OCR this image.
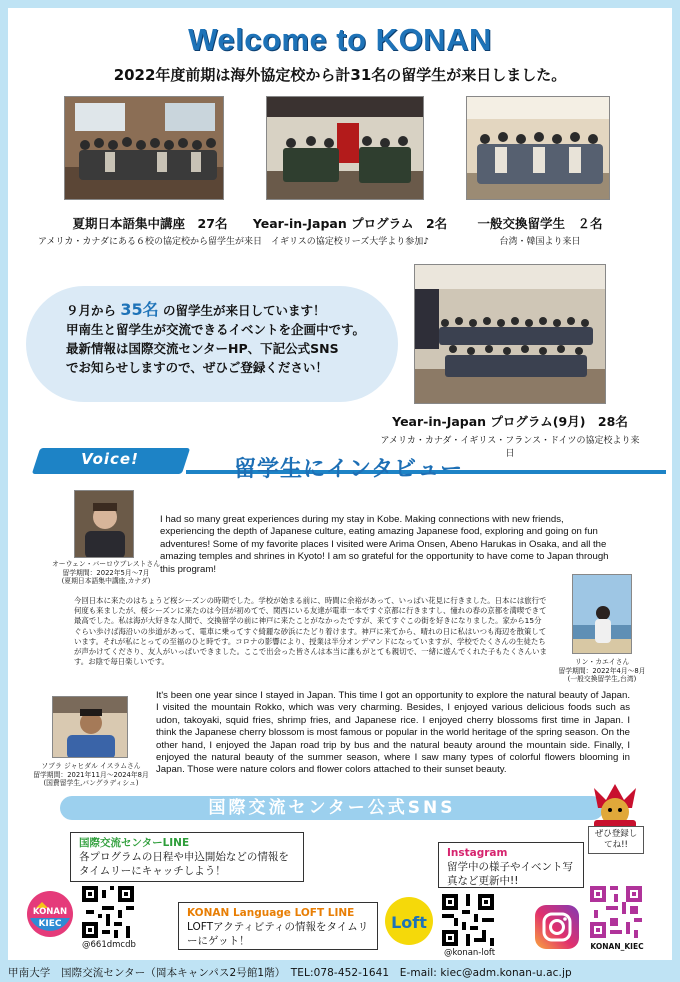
Welcome to KONAN
2022年度前期は海外協定校から計31名の留学生が来日しました。
夏期日本語集中講座　27名
アメリカ・カナダにある６校の協定校から留学生が来日
Year-in-Japan プログラム　2名
イギリスの協定校リーズ大学より参加♪
一般交換留学生　２名
台湾・韓国より来日
９月から 35名 の留学生が来日しています！
甲南生と留学生が交流できるイベントを企画中です。
最新情報は国際交流センターHP、下記公式SNS
でお知らせしますので、ぜひご登録ください！
Year-in-Japan プログラム(9月)　28名
アメリカ・カナダ・イギリス・フランス・ドイツの協定校より来日
Voice!	留学生にインタビュー
オーウェン・バーロウブレストさん
留学期間：2022年5月～7月
(夏期日本語集中講座,カナダ)
I had so many great experiences during my stay in Kobe. Making connections with new friends, experiencing the depth of Japanese culture, eating amazing Japanese food, exploring and going on fun adventures! Some of my favorite places I visited were Arima Onsen, Abeno Harukas in Osaka, and all the amazing temples and shrines in Kyoto! I am so grateful for the opportunity to have come to Japan through this program!
今回日本に来たのはちょうど桜シーズンの時期でした。学校が始まる前に、時間に余裕があって、いっぱい花見に行きました。日本には旅行で何度も来ましたが、桜シーズンに来たのは今回が初めてで、関西にいる友達が電車一本ですぐ京都に行きますし、憧れの春の京都を満喫できて最高でした。私は海が大好きな人間で、交換留学の前に神戸に来たことがなかったですが、来てすぐこの街を好きになりました。家から15分ぐらい歩けば海沿いの歩道があって、電車に乗ってすぐ綺麗な砂浜にたどり着けます。神戸に来てから、晴れの日に私はいつも海辺を散策しています。それが私にとっての至福のひと時です。コロナの影響により、授業は半分オンデマンドになっていますが、学校でたくさんの生徒たちが声かけてくださり、友人がいっぱいできました。ここで出会った皆さんは本当に誰もがとても親切で、一緒に遊んでくれた子もたくさんいます。お陰で毎日楽しいです。	リン・カエイさん
留学期間：2022年4月～8月
(一般交換留学生,台湾)
ソブラ ジャヒダル イスラムさん
留学期間：2021年11月～2024年8月
(国費留学生,バングラディシュ)
It's been one year since I stayed in Japan. This time I got an opportunity to explore the natural beauty of Japan. I visited the mountain Rokko, which was very charming. Besides, I enjoyed various delicious foods such as udon, takoyaki, squid fries, shrimp fries, and Japanese rice. I enjoyed cherry blossoms first time in Japan. I think the Japanese cherry blossom is most famous or popular in the world heritage of the spring season. On the other hand, I enjoyed the Japan road trip by bus and the natural beauty around the mountain side. Finally, I enjoyed the natural beauty of the summer season, where I saw many types of colorful flowers blooming in Japan. Those were nature colors and flower colors attached to their sunset beauty.
国際交流センター公式SNS
ぜひ登録してね!!
国際交流センターLINE
各プログラムの日程や申込開始などの情報をタイムリーにキャッチしよう！
Instagram
留学中の様子やイベント写真など更新中!!
KONAN
KIEC
@661dmcdb
KONAN Language LOFT LINE
LOFTアクティビティの情報をタイムリーにゲット！
Loft
@konan-loft
KONAN_KIEC
甲南大学　国際交流センター（岡本キャンパス2号館1階）　TEL:078-452-1641　E-mail: kiec@adm.konan-u.ac.jp
